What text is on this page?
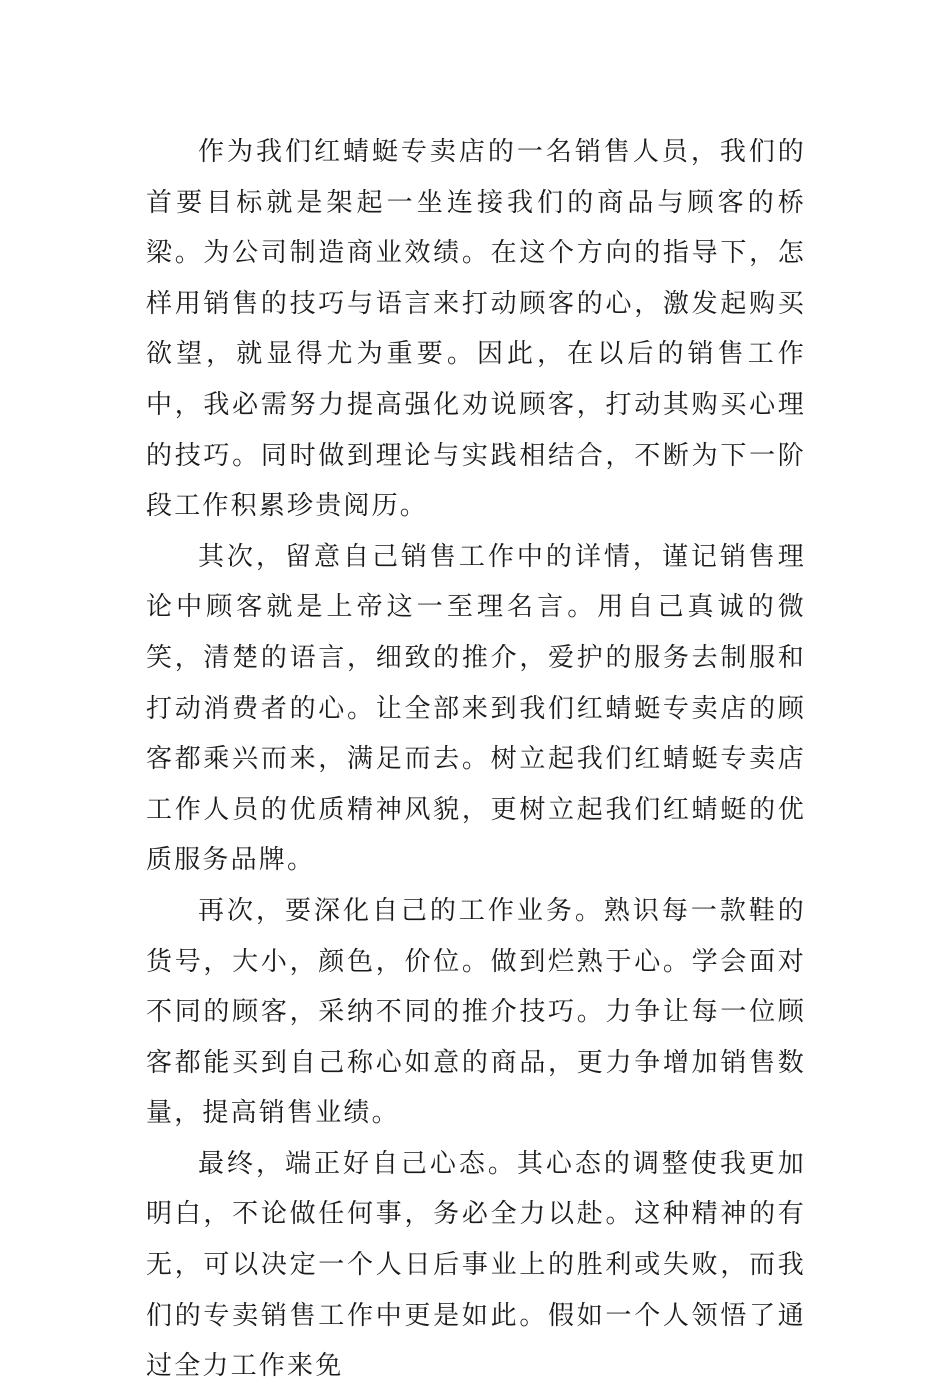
作为我们红蜻蜓专卖店的一名销售人员，我们的首要目标就是架起一坐连接我们的商品与顾客的桥梁。为公司制造商业效绩。在这个方向的指导下，怎样用销售的技巧与语言来打动顾客的心，激发起购买欲望，就显得尤为重要。因此，在以后的销售工作中，我必需努力提高强化劝说顾客，打动其购买心理的技巧。同时做到理论与实践相结合，不断为下一阶段工作积累珍贵阅历。

其次，留意自己销售工作中的详情，谨记销售理论中顾客就是上帝这一至理名言。用自己真诚的微笑，清楚的语言，细致的推介，爱护的服务去制服和打动消费者的心。让全部来到我们红蜻蜓专卖店的顾客都乘兴而来，满足而去。树立起我们红蜻蜓专卖店工作人员的优质精神风貌，更树立起我们红蜻蜓的优质服务品牌。

再次，要深化自己的工作业务。熟识每一款鞋的货号，大小，颜色，价位。做到烂熟于心。学会面对不同的顾客，采纳不同的推介技巧。力争让每一位顾客都能买到自己称心如意的商品，更力争增加销售数量，提高销售业绩。

最终，端正好自己心态。其心态的调整使我更加明白，不论做任何事，务必全力以赴。这种精神的有无，可以决定一个人日后事业上的胜利或失败，而我们的专卖销售工作中更是如此。假如一个人领悟了通过全力工作来免
